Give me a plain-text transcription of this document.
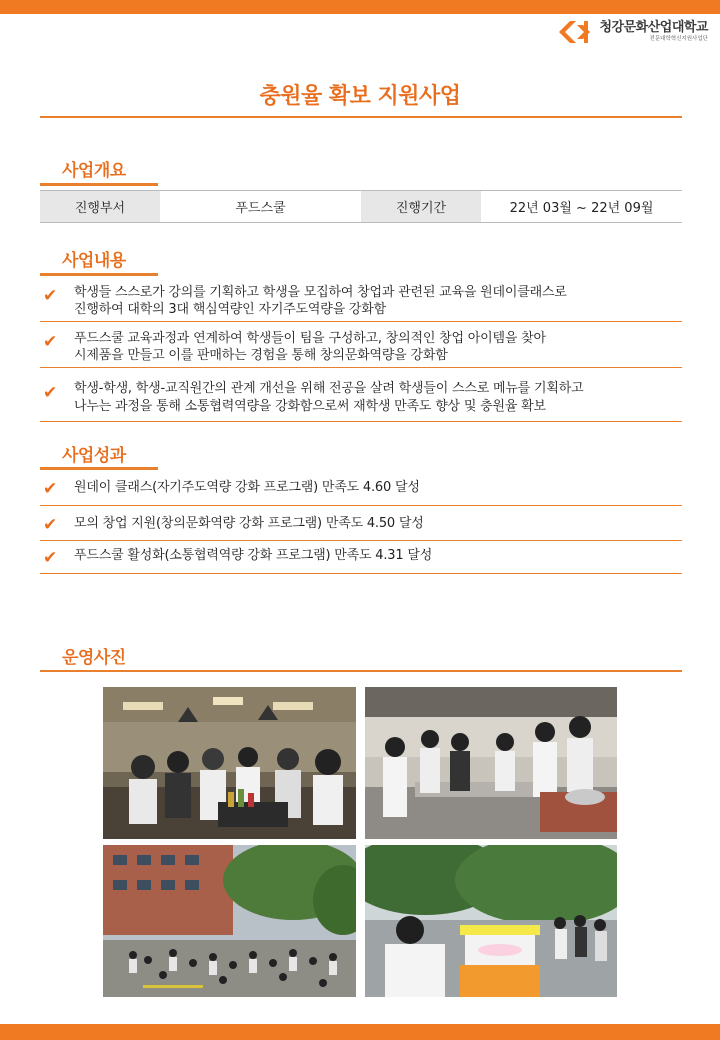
청강문화산업대학교
전문대학혁신지원사업단
충원율 확보 지원사업
사업개요
진행부서	푸드스쿨	진행기간	22년 03월 ~ 22년 09월
사업내용
✔ 학생들 스스로가 강의를 기획하고 학생을 모집하여 창업과 관련된 교육을 원데이클래스로
진행하여 대학의 3대 핵심역량인 자기주도역량을 강화함
✔ 푸드스쿨 교육과정과 연계하여 학생들이 팀을 구성하고, 창의적인 창업 아이템을 찾아
시제품을 만들고 이를 판매하는 경험을 통해 창의문화역량을 강화함
✔ 학생-학생, 학생-교직원간의 관계 개선을 위해 전공을 살려 학생들이 스스로 메뉴를 기획하고
나누는 과정을 통해 소통협력역량을 강화함으로써 재학생 만족도 향상 및 충원율 확보
사업성과
✔ 원데이 클래스(자기주도역량 강화 프로그램) 만족도 4.60 달성
✔ 모의 창업 지원(창의문화역량 강화 프로그램) 만족도 4.50 달성
✔ 푸드스쿨 활성화(소통협력역량 강화 프로그램) 만족도 4.31 달성
운영사진
